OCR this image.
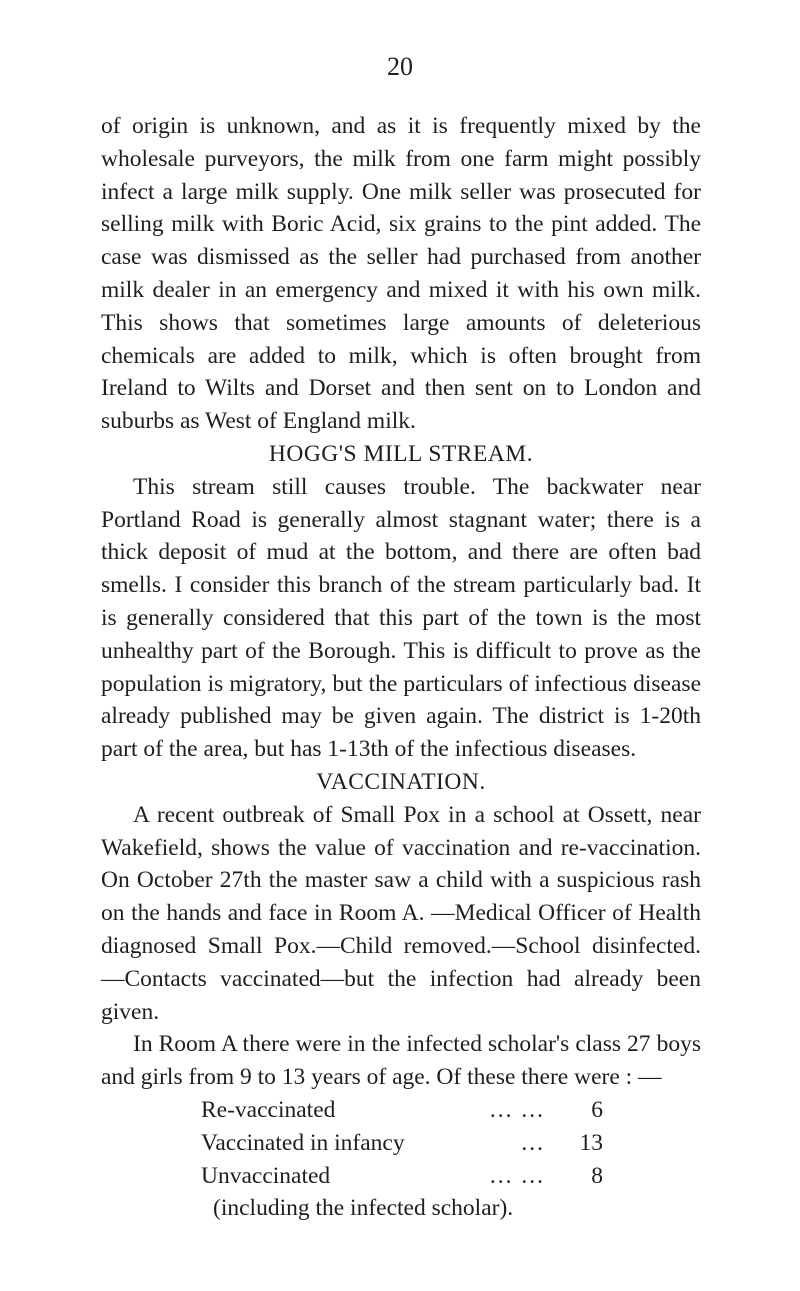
20

of origin is unknown, and as it is frequently mixed by the wholesale purveyors, the milk from one farm might possibly infect a large milk supply. One milk seller was prosecuted for selling milk with Boric Acid, six grains to the pint added. The case was dismissed as the seller had purchased from another milk dealer in an emergency and mixed it with his own milk. This shows that sometimes large amounts of deleterious chemicals are added to milk, which is often brought from Ireland to Wilts and Dorset and then sent on to London and suburbs as West of England milk.

HOGG'S MILL STREAM.

This stream still causes trouble. The backwater near Portland Road is generally almost stagnant water; there is a thick deposit of mud at the bottom, and there are often bad smells. I consider this branch of the stream particularly bad. It is generally considered that this part of the town is the most unhealthy part of the Borough. This is difficult to prove as the population is migratory, but the particulars of infectious disease already published may be given again. The district is 1-20th part of the area, but has 1-13th of the infectious diseases.

VACCINATION.

A recent outbreak of Small Pox in a school at Ossett, near Wakefield, shows the value of vaccination and re-vaccination. On October 27th the master saw a child with a suspicious rash on the hands and face in Room A. —Medical Officer of Health diagnosed Small Pox.—Child removed.—School disinfected.—Contacts vaccinated—but the infection had already been given.

In Room A there were in the infected scholar's class 27 boys and girls from 9 to 13 years of age. Of these there were : —

Re-vaccinated	... ...	6
Vaccinated in infancy	...	13
Unvaccinated	... ...	8

(including the infected scholar).
